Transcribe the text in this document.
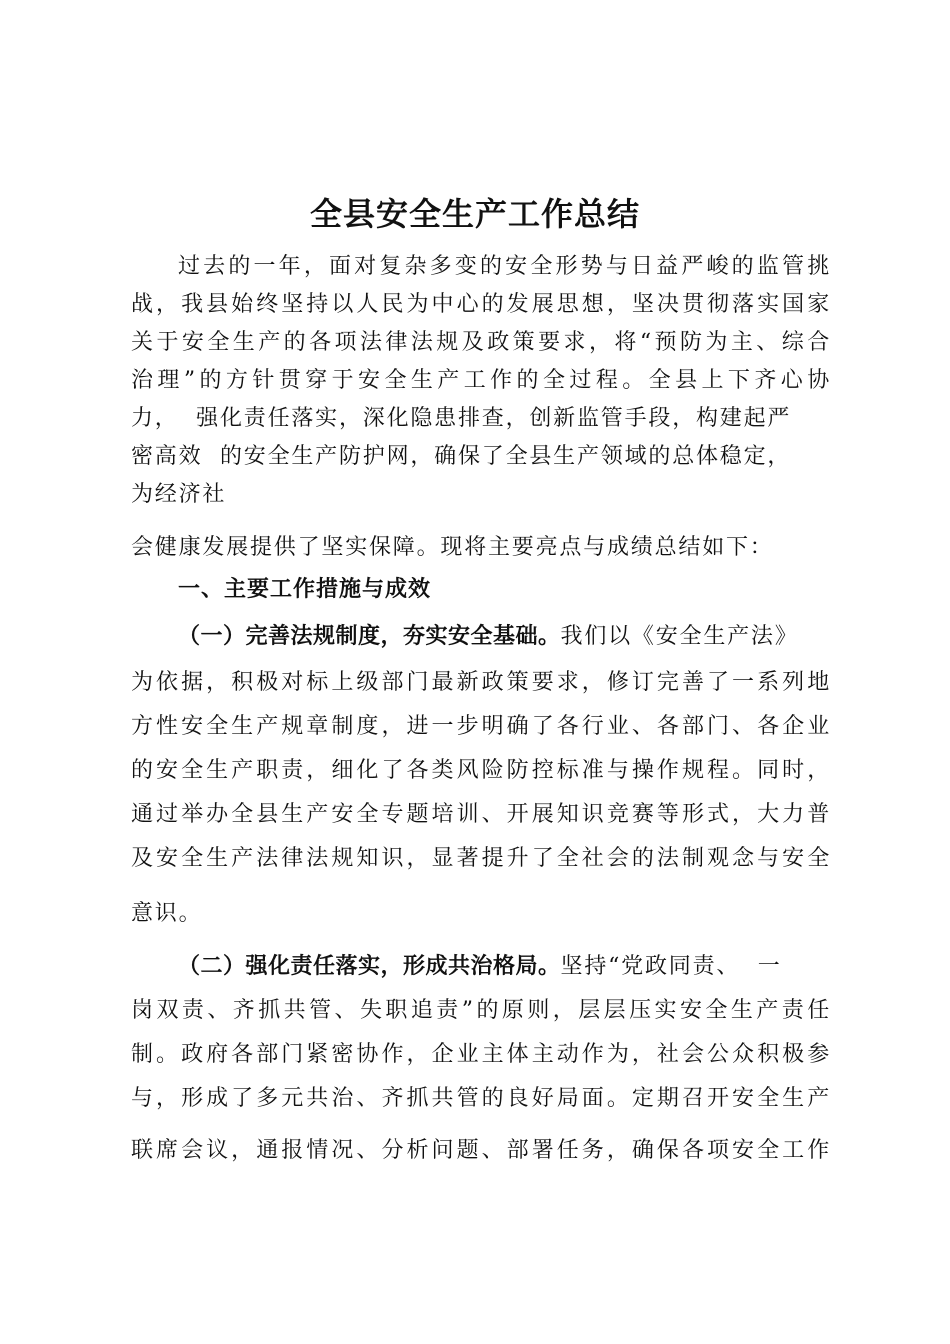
全县安全生产工作总结
过去的一年，面对复杂多变的安全形势与日益严峻的监管挑
战，我县始终坚持以人民为中心的发展思想，坚决贯彻落实国家
关于安全生产的各项法律法规及政策要求，将“预防为主、综合
治理”的方针贯穿于安全生产工作的全过程。全县上下齐心协
力，  强化责任落实，深化隐患排查，创新监管手段，构建起严
密高效  的安全生产防护网，确保了全县生产领域的总体稳定，
为经济社
会健康发展提供了坚实保障。现将主要亮点与成绩总结如下：
一、主要工作措施与成效
（一）完善法规制度，夯实安全基础。我们以《安全生产法》
为依据，积极对标上级部门最新政策要求，修订完善了一系列地
方性安全生产规章制度，进一步明确了各行业、各部门、各企业
的安全生产职责，细化了各类风险防控标准与操作规程。同时，
通过举办全县生产安全专题培训、开展知识竞赛等形式，大力普
及安全生产法律法规知识，显著提升了全社会的法制观念与安全
意识。
（二）强化责任落实，形成共治格局。坚持“党政同责、  一
岗双责、齐抓共管、失职追责”的原则，层层压实安全生产责任
制。政府各部门紧密协作，企业主体主动作为，社会公众积极参
与，形成了多元共治、齐抓共管的良好局面。定期召开安全生产
联席会议，通报情况、分析问题、部署任务，确保各项安全工作
